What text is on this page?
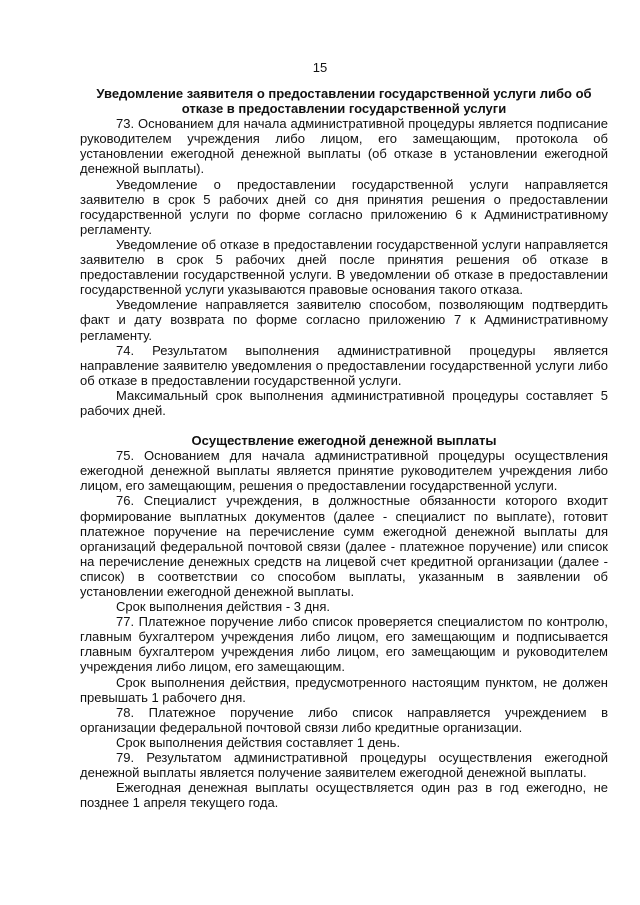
15

Уведомление заявителя о предоставлении государственной услуги либо об отказе в предоставлении государственной услуги

73. Основанием для начала административной процедуры является подписание руководителем учреждения либо лицом, его замещающим, протокола об установлении ежегодной денежной выплаты (об отказе в установлении ежегодной денежной выплаты).

Уведомление о предоставлении государственной услуги направляется заявителю в срок 5 рабочих дней со дня принятия решения о предоставлении государственной услуги по форме согласно приложению 6 к Административному регламенту.

Уведомление об отказе в предоставлении государственной услуги направляется заявителю в срок 5 рабочих дней после принятия решения об отказе в предоставлении государственной услуги. В уведомлении об отказе в предоставлении государственной услуги указываются правовые основания такого отказа.

Уведомление направляется заявителю способом, позволяющим подтвердить факт и дату возврата по форме согласно приложению 7 к Административному регламенту.

74. Результатом выполнения административной процедуры является направление заявителю уведомления о предоставлении государственной услуги либо об отказе в предоставлении государственной услуги.

Максимальный срок выполнения административной процедуры составляет 5 рабочих дней.

Осуществление ежегодной денежной выплаты

75. Основанием для начала административной процедуры осуществления ежегодной денежной выплаты является принятие руководителем учреждения либо лицом, его замещающим, решения о предоставлении государственной услуги.

76. Специалист учреждения, в должностные обязанности которого входит формирование выплатных документов (далее - специалист по выплате), готовит платежное поручение на перечисление сумм ежегодной денежной выплаты для организаций федеральной почтовой связи (далее - платежное поручение) или список на перечисление денежных средств на лицевой счет кредитной организации (далее - список) в соответствии со способом выплаты, указанным в заявлении об установлении ежегодной денежной выплаты.

Срок выполнения действия - 3 дня.

77. Платежное поручение либо список проверяется специалистом по контролю, главным бухгалтером учреждения либо лицом, его замещающим и подписывается главным бухгалтером учреждения либо лицом, его замещающим и руководителем учреждения либо лицом, его замещающим.

Срок выполнения действия, предусмотренного настоящим пунктом, не должен превышать 1 рабочего дня.

78. Платежное поручение либо список направляется учреждением в организации федеральной почтовой связи либо кредитные организации.

Срок выполнения действия составляет 1 день.

79. Результатом административной процедуры осуществления ежегодной денежной выплаты является получение заявителем ежегодной денежной выплаты.

Ежегодная денежная выплаты осуществляется один раз в год ежегодно, не позднее 1 апреля текущего года.
